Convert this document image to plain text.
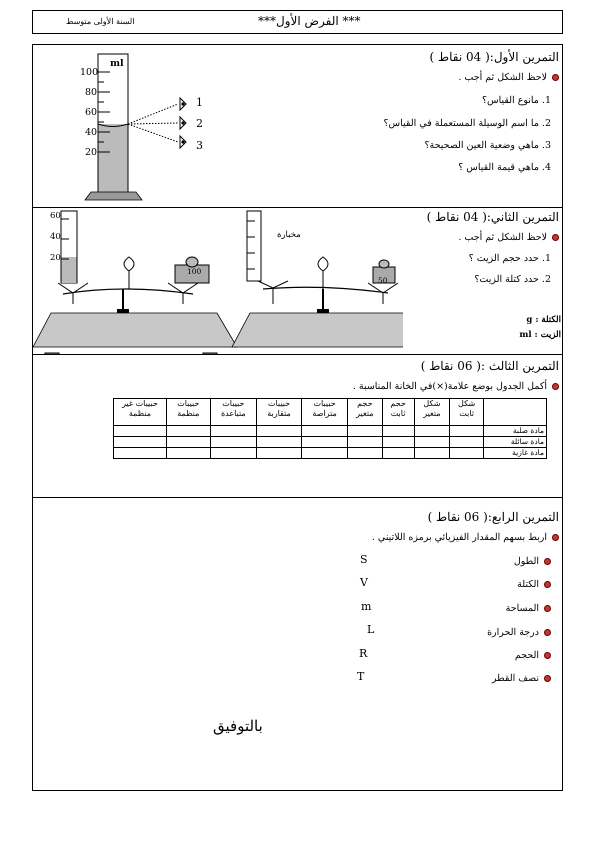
السنة الأولى متوسط	*** الفرض الأول***
التمرين الأول:( 04 نقاط )
لاحظ الشكل ثم أجب .
1. مانوع القياس؟
2. ما اسم الوسيلة المستعملة في القياس؟
3. ماهي وضعية العين الصحيحة؟
4. ماهي قيمة القياس ؟
ml
100
80
60
40
20
1
2
3
التمرين الثاني:( 04 نقاط )
لاحظ الشكل ثم أجب .
1. حدد حجم الزيت ؟
2. حدد كتلة الزيت؟
الكتلة : g
الزيت : ml
60
40
20
100
مخبارة
50
التمرين الثالث :( 06 نقاط )
أكمل الجدول بوضع علامة(×)في الخانة المناسبة .
	شكل ثابت	شكل متغير	حجم ثابت	حجم متغير	حبيبات متراصة	حبيبات متقاربة	حبيبات متباعدة	حبيبات منظمة	حبيبات غير منظمة
مادة صلبة									
مادة سائلة									
مادة غازية									
التمرين الرابع:( 06 نقاط )
اربط بسهم المقدار الفيزيائي برمزه اللاتيني .
الطول
الكتلة
المساحة
درجة الحرارة
الحجم
نصف القطر
S
V
m
L
R
T
بالتوفيق
